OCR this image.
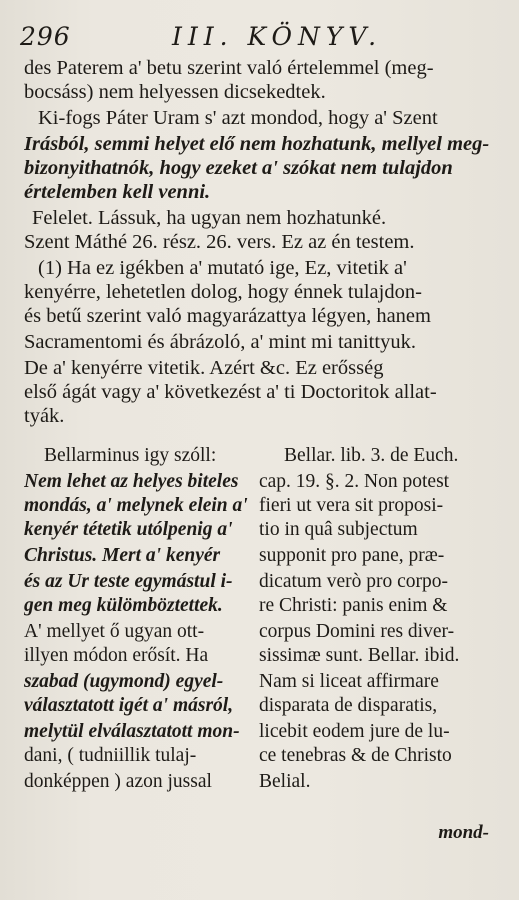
296	III. KÖNYV.
des Paterem a' betu szerint való értelemmel (meg-
bocsáss) nem helyessen dicsekedtek.
Ki-fogs Páter Uram s' azt mondod, hogy a' Szent
Irásból, semmi helyet elő nem hozhatunk, mellyel meg-
bizonyithatnók, hogy ezeket a' szókat nem tulajdon
értelemben kell venni.
Felelet. Lássuk, ha ugyan nem hozhatunké.
Szent Máthé 26. rész. 26. vers. Ez az én testem.
(1) Ha ez igékben a' mutató ige, Ez, vitetik a'
kenyérre, lehetetlen dolog, hogy énnek tulajdon-
és betű szerint való magyarázattya légyen, hanem
Sacramentomi és ábrázoló, a' mint mi tanittyuk.
De a' kenyérre vitetik. Azért &c. Ez erősség
első ágát vagy a' következést a' ti Doctoritok allat-
tyák.
Bellarminus igy szóll:
Nem lehet az helyes biteles
mondás, a' melynek elein a'
kenyér tétetik utólpenig a'
Christus. Mert a' kenyér
és az Ur teste egymástul i-
gen meg külömböztettek.
A' mellyet ő ugyan ott-
illyen módon erősít. Ha
szabad (ugymond) egyel-
választatott igét a' másról,
melytül elválasztatott mon-
dani, ( tudniillik tulaj-
donképpen ) azon jussal
Bellar. lib. 3. de Euch.
cap. 19. §. 2. Non potest
fieri ut vera sit proposi-
tio in quâ subjectum
supponit pro pane, præ-
dicatum verò pro corpo-
re Christi: panis enim &
corpus Domini res diver-
sissimæ sunt. Bellar. ibid.
Nam si liceat affirmare
disparata de disparatis,
licebit eodem jure de lu-
ce tenebras & de Christo
Belial.
mond-
